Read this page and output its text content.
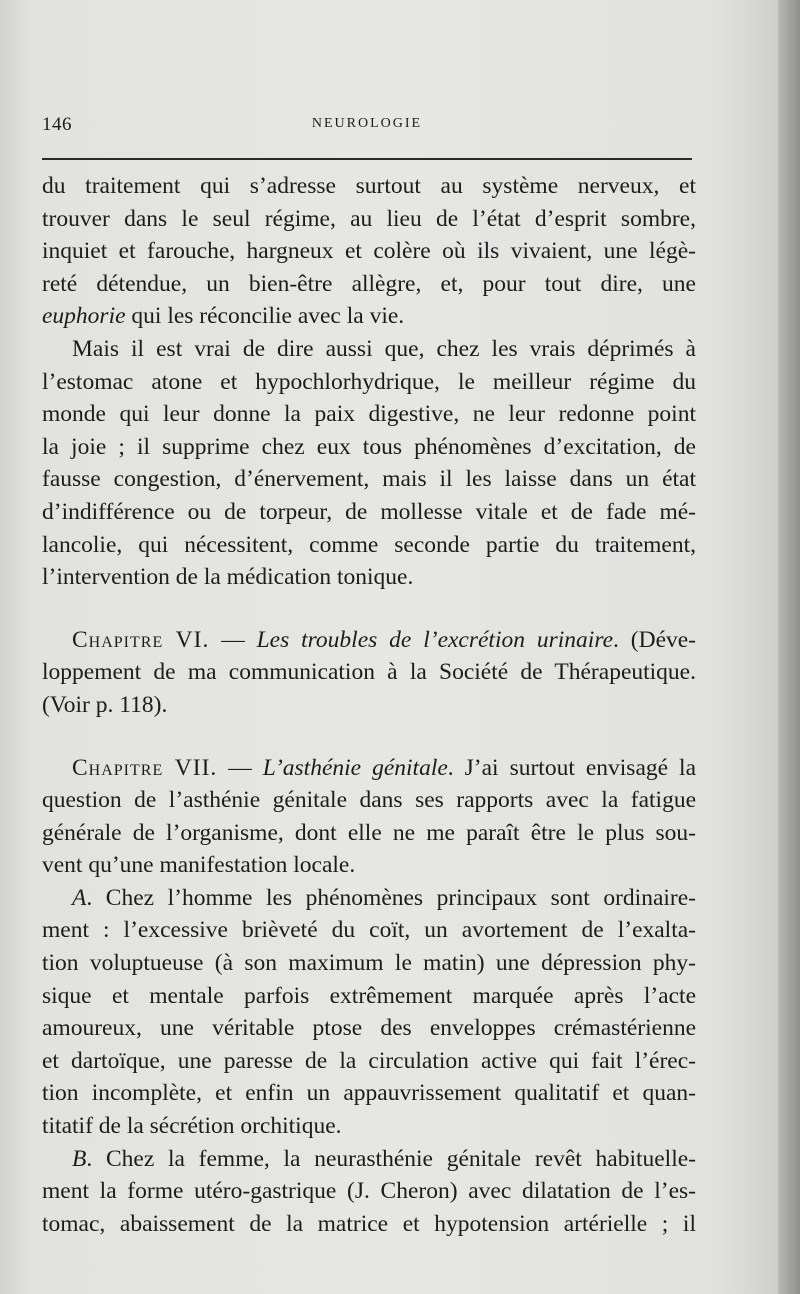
146	NEUROLOGIE

du traitement qui s’adresse surtout au système nerveux, et
trouver dans le seul régime, au lieu de l’état d’esprit sombre,
inquiet et farouche, hargneux et colère où ils vivaient, une légè-
reté détendue, un bien-être allègre, et, pour tout dire, une
euphorie qui les réconcilie avec la vie.

Mais il est vrai de dire aussi que, chez les vrais déprimés à
l’estomac atone et hypochlorhydrique, le meilleur régime du
monde qui leur donne la paix digestive, ne leur redonne point
la joie ; il supprime chez eux tous phénomènes d’excitation, de
fausse congestion, d’énervement, mais il les laisse dans un état
d’indifférence ou de torpeur, de mollesse vitale et de fade mé-
lancolie, qui nécessitent, comme seconde partie du traitement,
l’intervention de la médication tonique.

Chapitre VI. — Les troubles de l’excrétion urinaire. (Déve-
loppement de ma communication à la Société de Thérapeutique.
(Voir p. 118).

Chapitre VII. — L’asthénie génitale. J’ai surtout envisagé la
question de l’asthénie génitale dans ses rapports avec la fatigue
générale de l’organisme, dont elle ne me paraît être le plus sou-
vent qu’une manifestation locale.

A. Chez l’homme les phénomènes principaux sont ordinaire-
ment : l’excessive brièveté du coït, un avortement de l’exalta-
tion voluptueuse (à son maximum le matin) une dépression phy-
sique et mentale parfois extrêmement marquée après l’acte
amoureux, une véritable ptose des enveloppes crémastérienne
et dartoïque, une paresse de la circulation active qui fait l’érec-
tion incomplète, et enfin un appauvrissement qualitatif et quan-
titatif de la sécrétion orchitique.

B. Chez la femme, la neurasthénie génitale revêt habituelle-
ment la forme utéro-gastrique (J. Cheron) avec dilatation de l’es-
tomac, abaissement de la matrice et hypotension artérielle ; il
